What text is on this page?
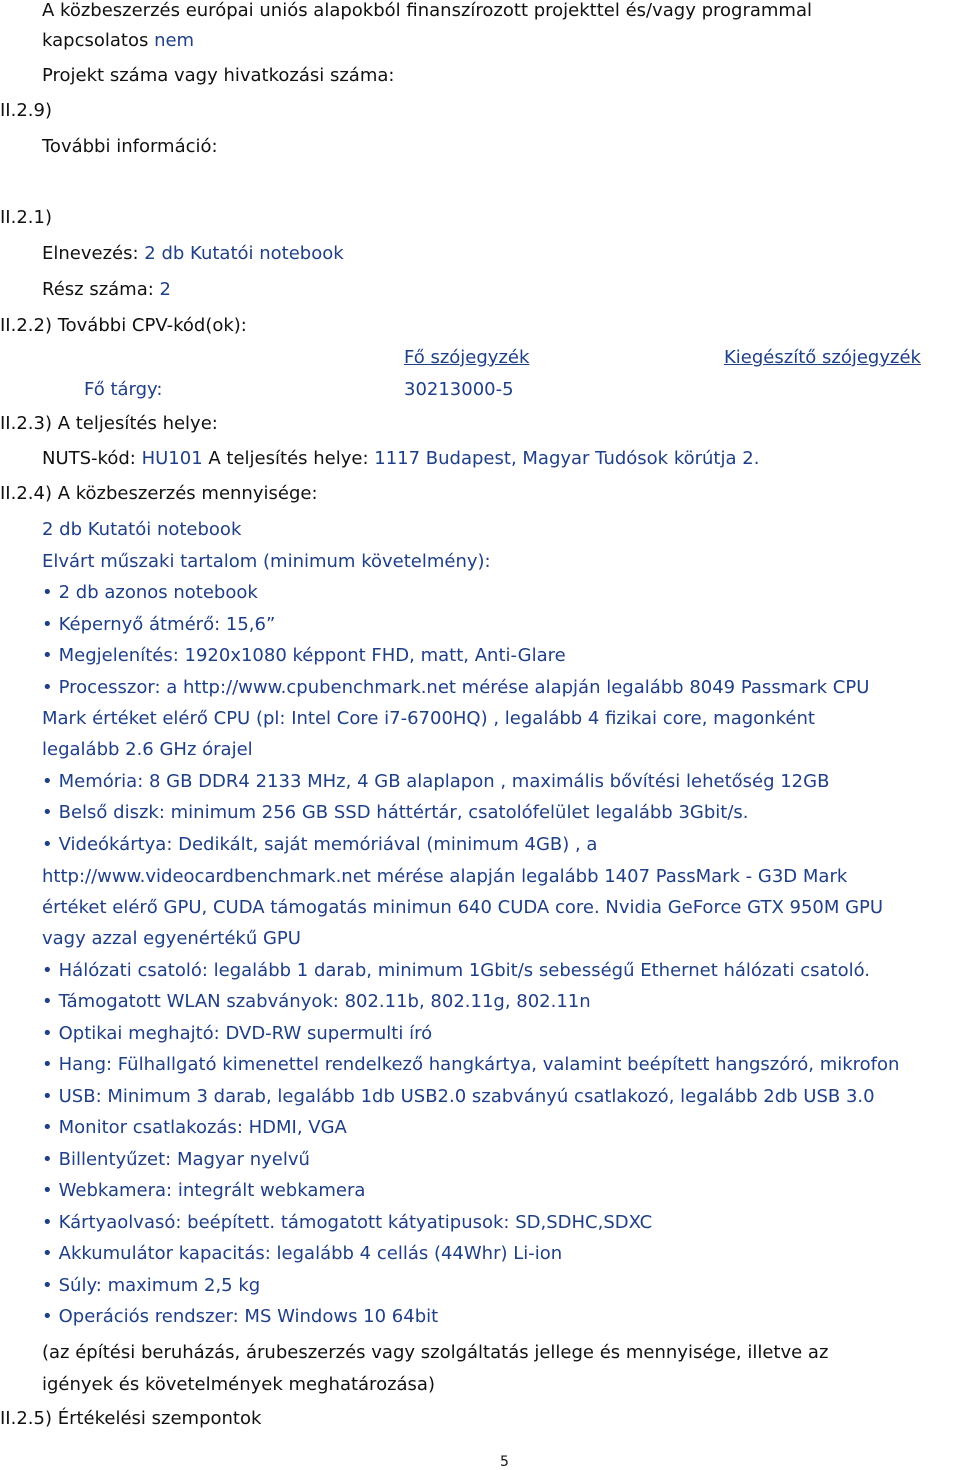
A közbeszerzés európai uniós alapokból finanszírozott projekttel és/vagy programmal
kapcsolatos nem
Projekt száma vagy hivatkozási száma:
II.2.9)
További információ:
II.2.1)
Elnevezés: 2 db Kutatói notebook
Rész száma: 2
II.2.2) További CPV-kód(ok):
Fő szójegyzék	Kiegészítő szójegyzék
Fő tárgy:	30213000-5
II.2.3) A teljesítés helye:
NUTS-kód: HU101 A teljesítés helye: 1117 Budapest, Magyar Tudósok körútja 2.
II.2.4) A közbeszerzés mennyisége:
2 db Kutatói notebook
Elvárt műszaki tartalom (minimum követelmény):
• 2 db azonos notebook
• Képernyő átmérő: 15,6”
• Megjelenítés: 1920x1080 képpont FHD, matt, Anti-Glare
• Processzor: a http://www.cpubenchmark.net mérése alapján legalább 8049 Passmark CPU
Mark értéket elérő CPU (pl: Intel Core i7-6700HQ) , legalább 4 fizikai core, magonként
legalább 2.6 GHz órajel
• Memória: 8 GB DDR4 2133 MHz, 4 GB alaplapon , maximális bővítési lehetőség 12GB
• Belső diszk: minimum 256 GB SSD háttértár, csatolófelület legalább 3Gbit/s.
• Videókártya: Dedikált, saját memóriával (minimum 4GB) , a
http://www.videocardbenchmark.net mérése alapján legalább 1407 PassMark - G3D Mark
értéket elérő GPU, CUDA támogatás minimun 640 CUDA core. Nvidia GeForce GTX 950M GPU
vagy azzal egyenértékű GPU
• Hálózati csatoló: legalább 1 darab, minimum 1Gbit/s sebességű Ethernet hálózati csatoló.
• Támogatott WLAN szabványok: 802.11b, 802.11g, 802.11n
• Optikai meghajtó: DVD-RW supermulti író
• Hang: Fülhallgató kimenettel rendelkező hangkártya, valamint beépített hangszóró, mikrofon
• USB: Minimum 3 darab, legalább 1db USB2.0 szabványú csatlakozó, legalább 2db USB 3.0
• Monitor csatlakozás: HDMI, VGA
• Billentyűzet: Magyar nyelvű
• Webkamera: integrált webkamera
• Kártyaolvasó: beépített. támogatott kátyatipusok: SD,SDHC,SDXC
• Akkumulátor kapacitás: legalább 4 cellás (44Whr) Li-ion
• Súly: maximum 2,5 kg
• Operációs rendszer: MS Windows 10 64bit
(az építési beruházás, árubeszerzés vagy szolgáltatás jellege és mennyisége, illetve az
igények és követelmények meghatározása)
II.2.5) Értékelési szempontok
5
